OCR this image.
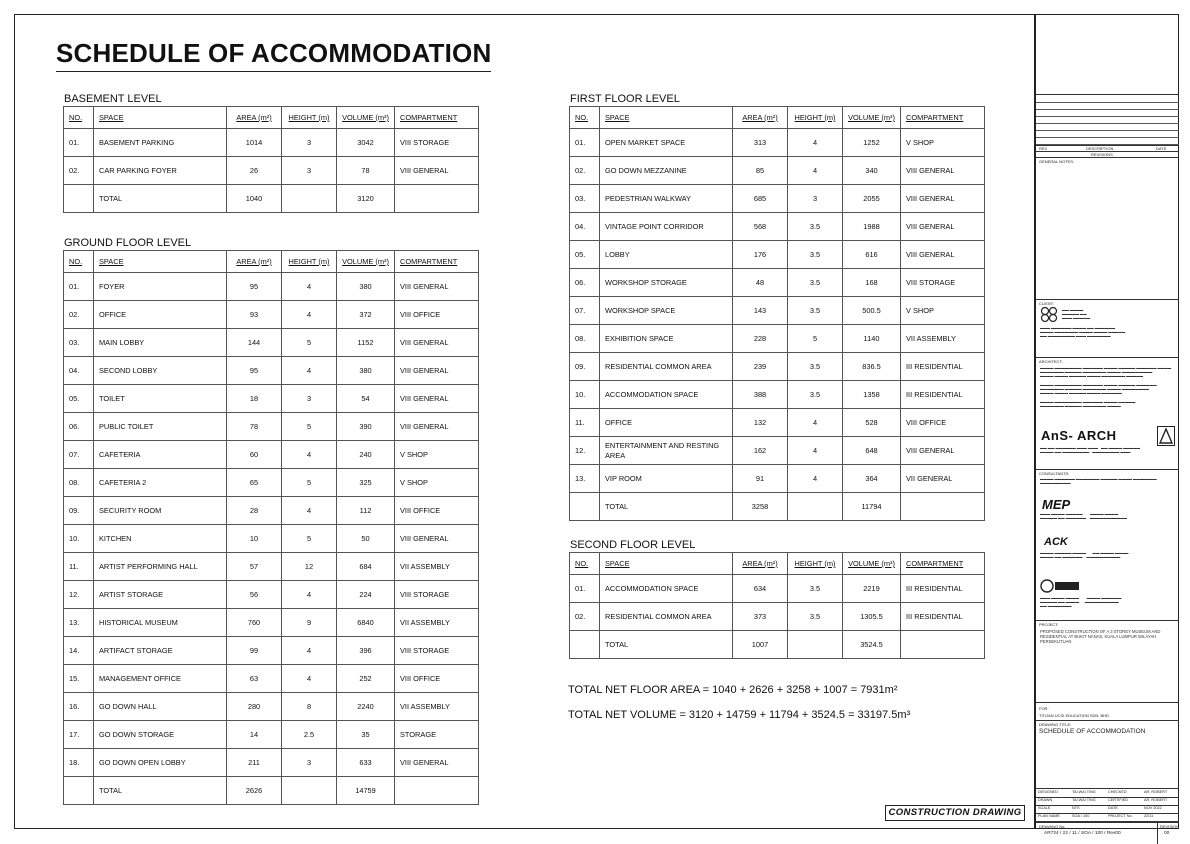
SCHEDULE OF ACCOMMODATION
BASEMENT LEVEL
NO.	SPACE	AREA (m²)	HEIGHT (m)	VOLUME (m³)	COMPARTMENT
01.	BASEMENT PARKING	1014	3	3042	VIII STORAGE
02.	CAR PARKING FOYER	26	3	78	VIII GENERAL
	TOTAL	1040		3120	
GROUND FLOOR LEVEL
NO.	SPACE	AREA (m²)	HEIGHT (m)	VOLUME (m³)	COMPARTMENT
01.	FOYER	95	4	380	VIII GENERAL
02.	OFFICE	93	4	372	VIII OFFICE
03.	MAIN LOBBY	144	5	1152	VIII GENERAL
04.	SECOND LOBBY	95	4	380	VIII GENERAL
05.	TOILET	18	3	54	VIII GENERAL
06.	PUBLIC TOILET	78	5	390	VIII GENERAL
07.	CAFETERIA	60	4	240	V SHOP
08.	CAFETERIA 2	65	5	325	V SHOP
09.	SECURITY ROOM	28	4	112	VIII OFFICE
10.	KITCHEN	10	5	50	VIII GENERAL
11.	ARTIST PERFORMING HALL	57	12	684	VII ASSEMBLY
12.	ARTIST STORAGE	56	4	224	VIII STORAGE
13.	HISTORICAL MUSEUM	760	9	6840	VII ASSEMBLY
14.	ARTIFACT STORAGE	99	4	396	VIII STORAGE
15.	MANAGEMENT OFFICE	63	4	252	VIII OFFICE
16.	GO DOWN HALL	280	8	2240	VII ASSEMBLY
17.	GO DOWN STORAGE	14	2.5	35	STORAGE
18.	GO DOWN OPEN LOBBY	211	3	633	VIII GENERAL
	TOTAL	2626		14759	
FIRST FLOOR LEVEL
NO.	SPACE	AREA (m²)	HEIGHT (m)	VOLUME (m³)	COMPARTMENT
01.	OPEN MARKET SPACE	313	4	1252	V SHOP
02.	GO DOWN MEZZANINE	85	4	340	VIII GENERAL
03.	PEDESTRIAN WALKWAY	685	3	2055	VIII GENERAL
04.	VINTAGE POINT CORRIDOR	568	3.5	1988	VIII GENERAL
05.	LOBBY	176	3.5	616	VIII GENERAL
06.	WORKSHOP STORAGE	48	3.5	168	VIII STORAGE
07.	WORKSHOP SPACE	143	3.5	500.5	V SHOP
08.	EXHIBITION SPACE	228	5	1140	VII ASSEMBLY
09.	RESIDENTIAL COMMON AREA	239	3.5	836.5	III RESIDENTIAL
10.	ACCOMMODATION SPACE	388	3.5	1358	III RESIDENTIAL
11.	OFFICE	132	4	528	VIII OFFICE
12.	ENTERTAINMENT AND RESTING AREA	162	4	648	VIII GENERAL
13.	VIP ROOM	91	4	364	VII GENERAL
	TOTAL	3258		11794	
SECOND FLOOR LEVEL
NO.	SPACE	AREA (m²)	HEIGHT (m)	VOLUME (m³)	COMPARTMENT
01.	ACCOMMODATION SPACE	634	3.5	2219	III RESIDENTIAL
02.	RESIDENTIAL COMMON AREA	373	3.5	1305.5	III RESIDENTIAL
	TOTAL	1007		3524.5	
TOTAL NET FLOOR AREA = 1040 + 2626 + 3258 + 1007 = 7931m²
TOTAL NET VOLUME = 3120 + 14759 + 11794 + 3524.5 = 33197.5m³
CONSTRUCTION DRAWING
REV	DESCRIPTION	DATE
REVISIONS
GENERAL NOTES:
CLIENT:
▬▬ ▬▬▬▬
▬▬▬▬▬ ▬▬
▬▬▬ ▬▬▬▬▬
▬▬▬ ▬▬▬▬▬▬ ▬▬▬▬ ▬▬ ▬▬▬▬▬▬
▬▬▬▬ ▬▬▬▬▬▬▬ ▬▬▬▬ ▬▬▬▬ ▬▬▬▬▬
▬▬ ▬▬▬▬▬▬▬▬ ▬▬▬ ▬▬▬▬▬▬▬
ARCHITECT:
▬▬▬▬ ▬▬▬▬▬▬▬▬ ▬▬▬▬▬▬ ▬▬▬▬ ▬▬▬▬▬ ▬▬▬▬▬▬ ▬▬▬▬
▬▬▬▬▬▬▬ ▬▬▬▬▬ ▬▬▬▬▬▬▬ ▬▬▬▬ ▬▬▬▬▬▬▬▬▬
▬▬▬▬ ▬▬▬▬ ▬▬▬▬▬ ▬▬▬▬ ▬▬▬▬▬▬▬ ▬▬▬▬▬

▬▬▬▬ ▬▬▬▬▬▬▬▬ ▬▬▬▬▬▬ ▬▬▬▬ ▬▬▬▬▬ ▬▬▬▬▬▬
▬▬▬▬▬▬▬ ▬▬▬▬▬ ▬▬▬▬▬▬▬ ▬▬▬▬ ▬▬▬▬▬▬▬▬
▬▬▬▬ ▬▬▬▬ ▬▬▬▬▬ ▬▬▬▬ ▬▬▬▬▬▬

▬▬▬▬ ▬▬▬▬▬▬▬▬ ▬▬▬▬▬▬ ▬▬▬▬ ▬▬▬▬▬
▬▬▬▬▬▬▬ ▬▬▬▬▬ ▬▬▬▬▬▬▬ ▬▬▬▬
AnS- ARCH
▬▬ ▬▬ ▬▬▬▬▬▬ ▬▬▬ ▬▬▬   ▬▬ ▬▬▬▬ ▬▬▬▬▬
▬▬▬▬ ▬▬ ▬▬▬▬▬▬▬▬   ▬▬▬▬▬▬▬▬ ▬▬▬
CONSULTANTS:
▬▬▬▬ ▬▬▬▬▬▬ ▬▬▬▬▬▬▬ ▬▬▬▬▬ ▬▬▬▬ ▬▬▬▬▬▬▬
▬▬▬▬▬▬▬▬▬
MEP
▬▬▬ ▬▬▬▬ ▬▬▬▬▬        ▬▬▬▬ ▬▬▬▬
▬▬▬▬▬ ▬▬ ▬▬▬▬▬▬    ▬▬▬▬▬▬▬▬▬▬▬
ACK
▬▬▬▬ ▬▬▬▬▬ ▬▬▬▬       ▬▬ ▬▬▬▬ ▬▬▬▬
▬▬▬▬ ▬▬ ▬▬▬▬▬▬    ▬▬▬▬▬▬▬▬▬▬
▬▬▬ ▬▬▬▬ ▬▬▬▬        ▬▬▬▬ ▬▬▬▬▬▬
▬▬▬▬▬ ▬▬ ▬▬▬▬      ▬▬▬▬▬▬▬▬▬▬
▬▬ ▬▬▬▬▬▬▬
PROJECT:
PROPOSED CONSTRUCTION OF A 3 STOREY MUSEUM AND RESIDENTIAL AT BUKIT NANAS, KUALA LUMPUR WILAYAH PERSEKUTUAN
FOR:
TITIJAN UCSI EDUCATION SDN. BHD.
DRAWING TITLE:
SCHEDULE OF ACCOMMODATION
DESIGNED	TAI WAI TING	CHECKED	AR. ROBERT
DRAWN	TAI WAI TING	CERTIFIED	AR. ROBERT
SCALE	NTS	DATE	NOV 2022
PLAN NAME	SOA / 100	PROJECT No.	22/11
DRAWING No.
AR724 / 22 / 11 / SOA / 100 / Rev00
REVISION
00
